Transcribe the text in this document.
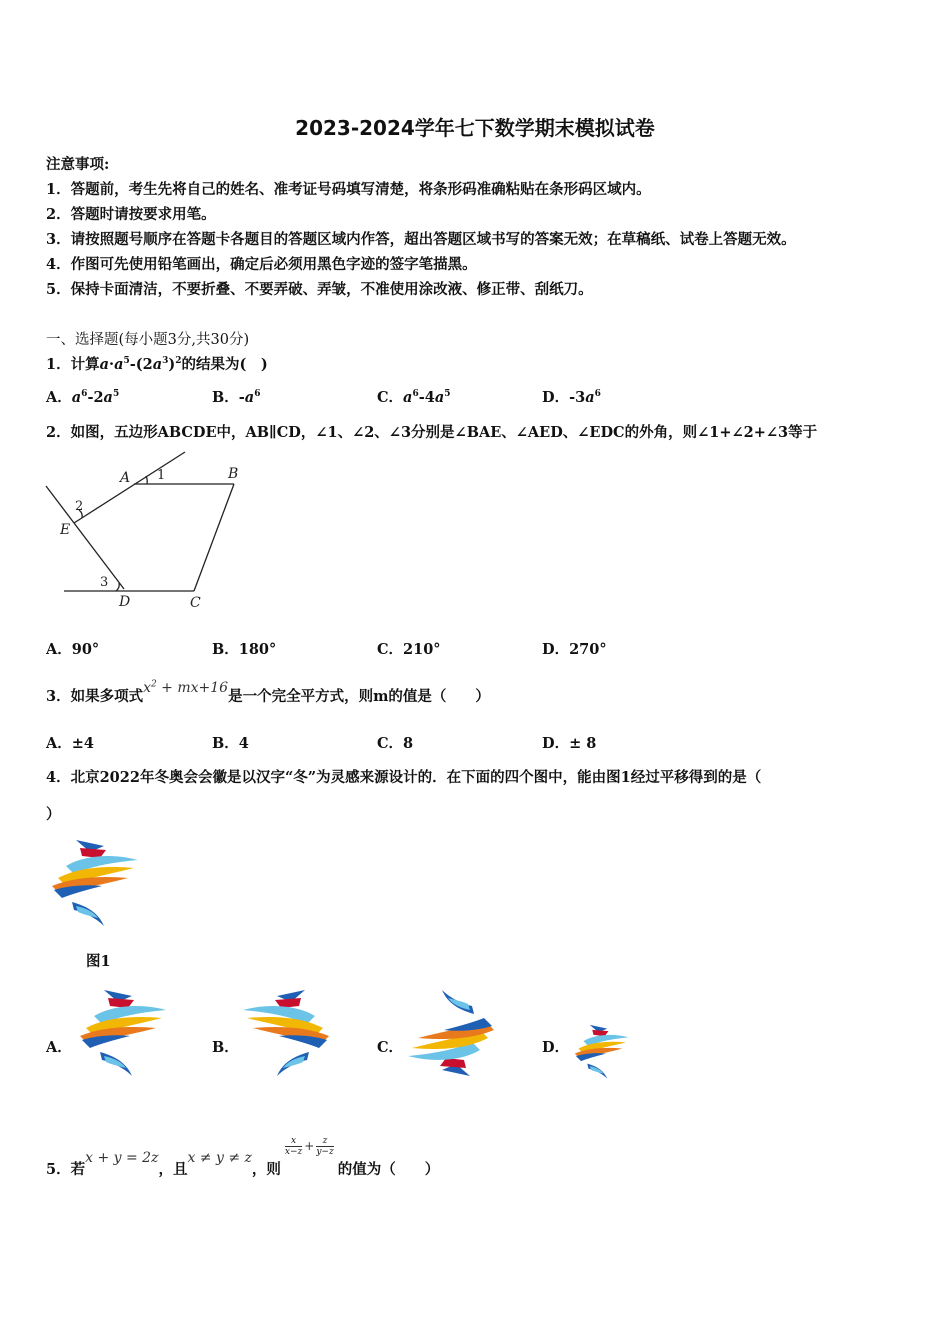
2023-2024学年七下数学期末模拟试卷
注意事项:
1．答题前，考生先将自己的姓名、准考证号码填写清楚，将条形码准确粘贴在条形码区域内。
2．答题时请按要求用笔。
3．请按照题号顺序在答题卡各题目的答题区域内作答，超出答题区域书写的答案无效；在草稿纸、试卷上答题无效。
4．作图可先使用铅笔画出，确定后必须用黑色字迹的签字笔描黑。
5．保持卡面清洁，不要折叠、不要弄破、弄皱，不准使用涂改液、修正带、刮纸刀。
一、选择题(每小题3分,共30分)
1．计算$a\cdot a^5-(2a^3)^2$的结果为(　)
A．$a^6-2a^5$	B．$-a^6$	C．$a^6-4a^5$	D．$-3a^6$
2．如图，五边形ABCDE中，AB∥CD，∠1、∠2、∠3分别是∠BAE、∠AED、∠EDC的外角，则∠1+∠2+∠3等于
A	B
C
D
E
1
2
3
A．90°	B．180°	C．210°	D．270°
3．如果多项式$x^2 + mx+16$是一个完全平方式，则m的值是（　　）
A．±4	B．4	C．8	D．± 8
4．北京2022年冬奥会会徽是以汉字“冬”为灵感来源设计的．在下面的四个图中，能由图1经过平移得到的是（
）
图1
A．	B．	C．	D．
5．若x + y = 2z，且x ≠ y ≠ z，则
$\frac{x}{x-z} + \frac{z}{y-z}$
的值为（　　）
